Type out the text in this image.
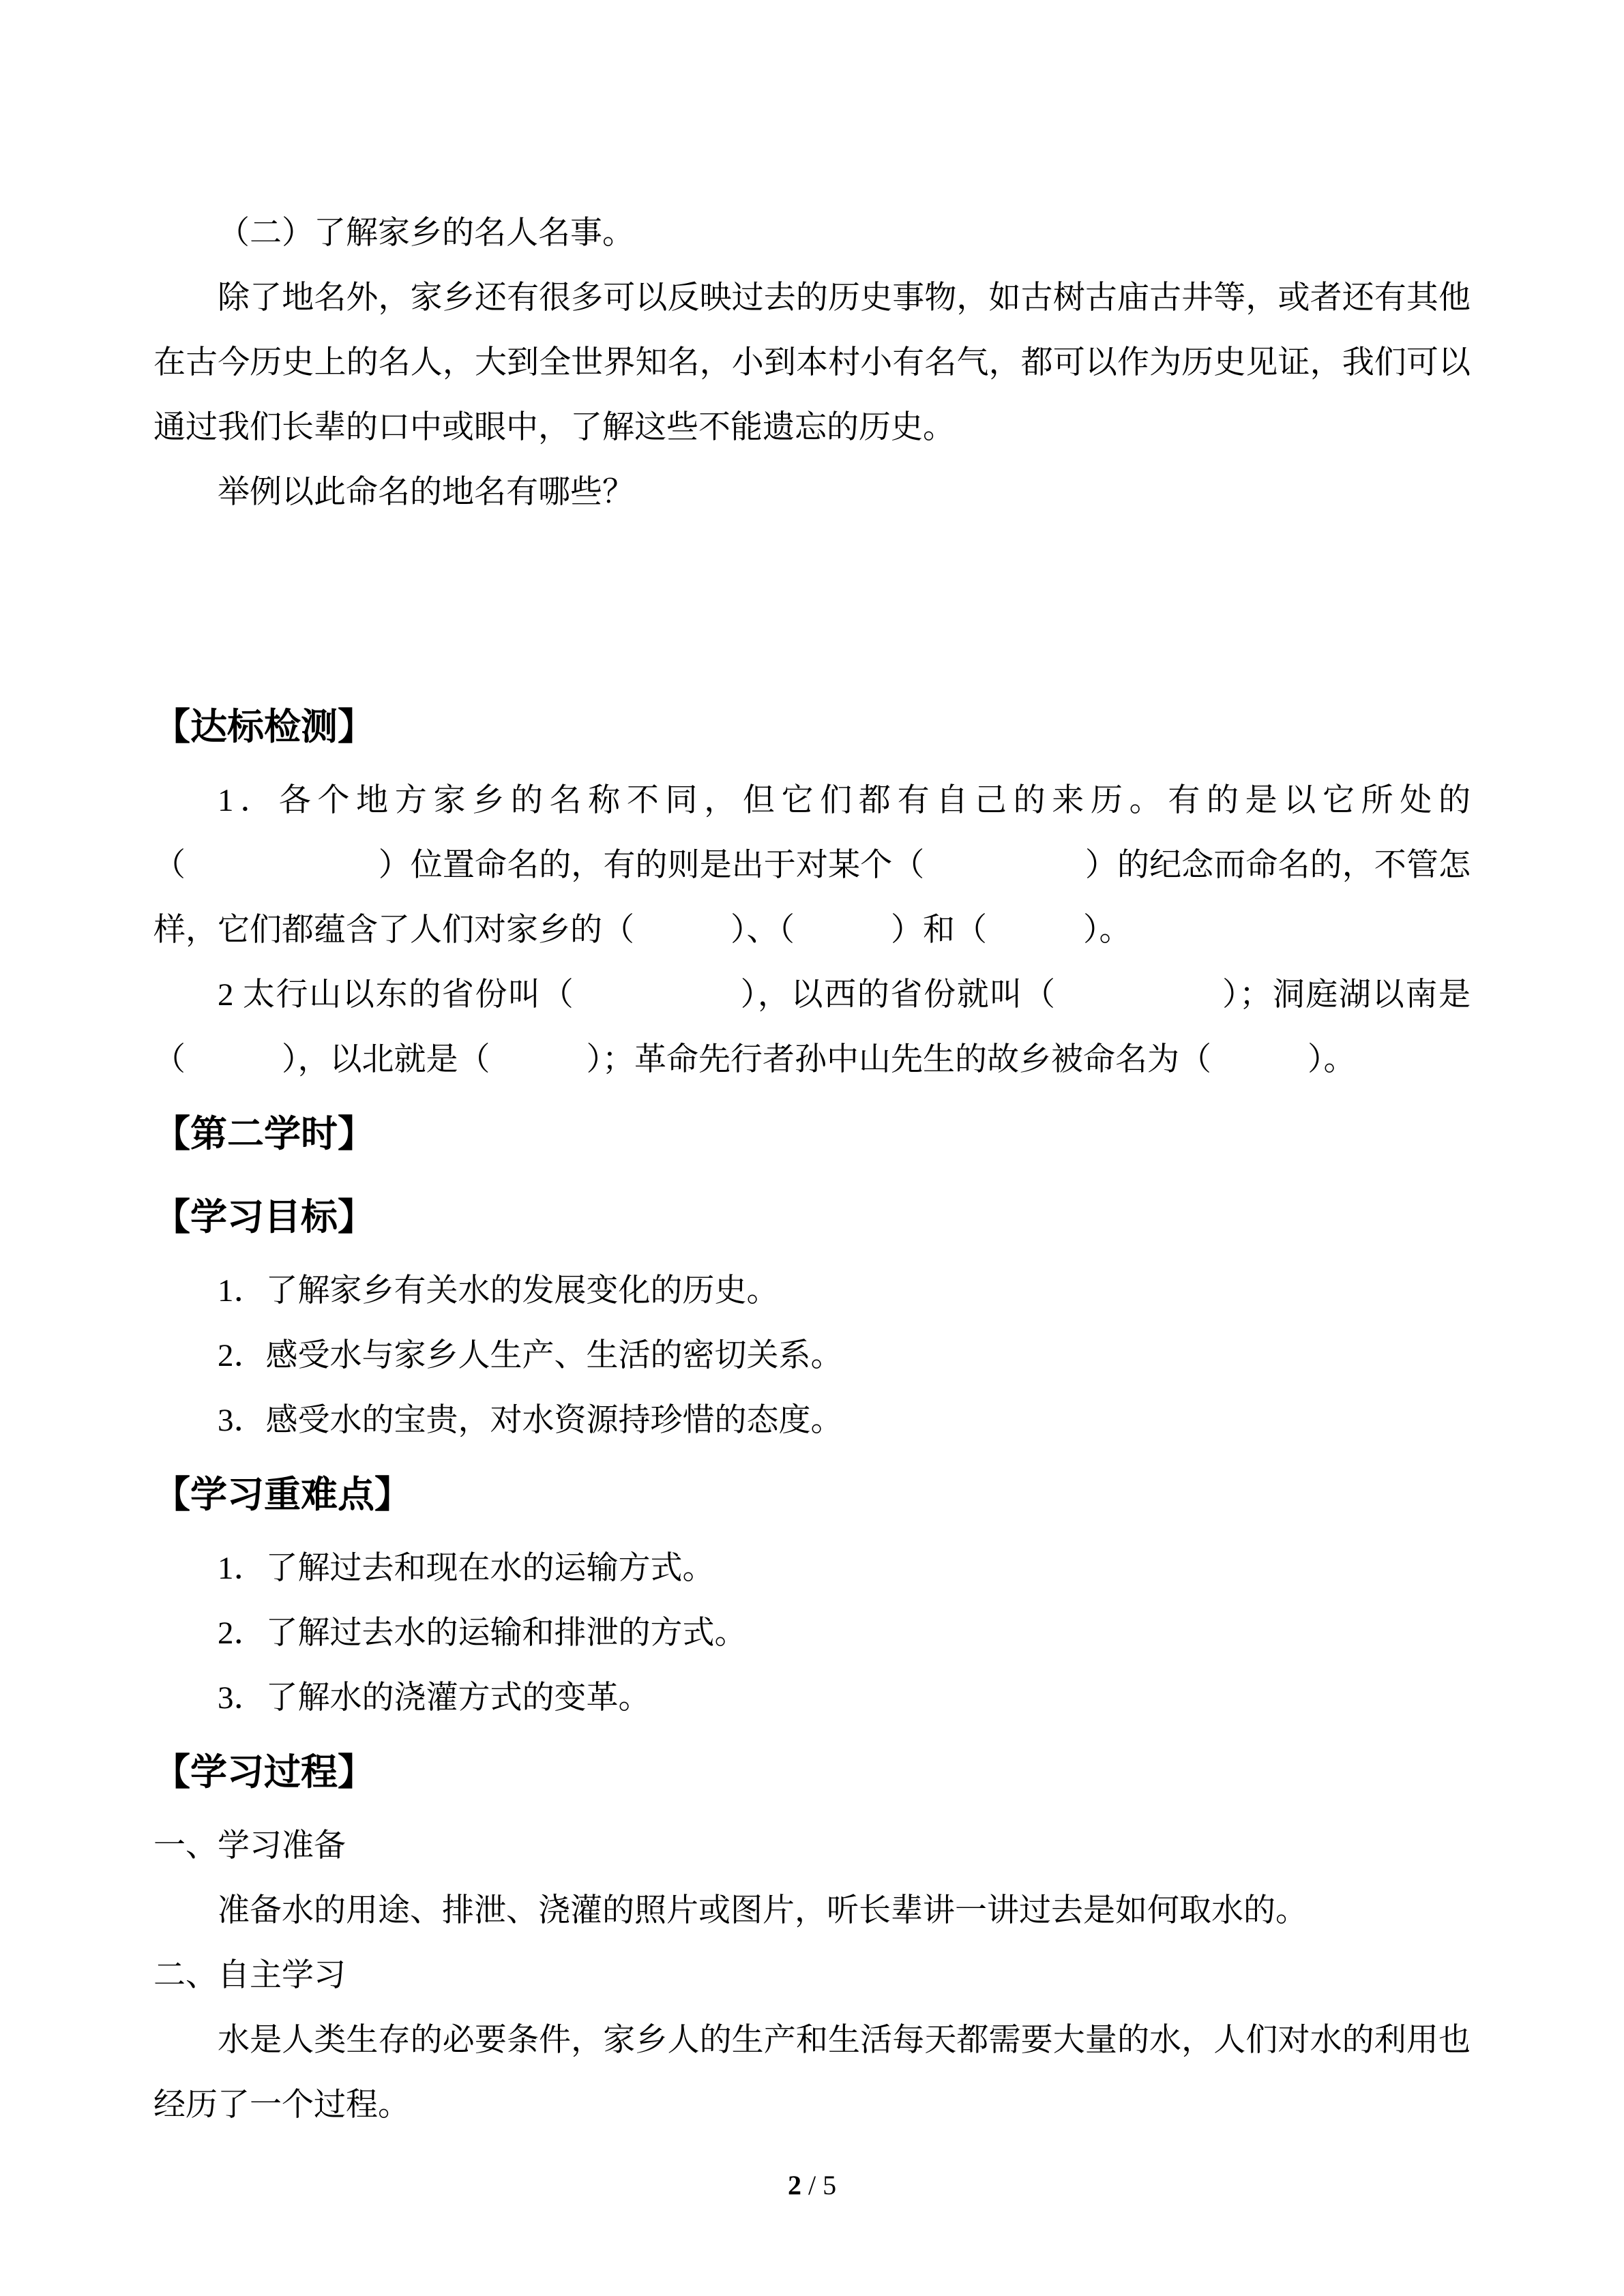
（二）了解家乡的名人名事。

除了地名外，家乡还有很多可以反映过去的历史事物，如古树古庙古井等，或者还有其他在古今历史上的名人，大到全世界知名，小到本村小有名气，都可以作为历史见证，我们可以通过我们长辈的口中或眼中，了解这些不能遗忘的历史。

举例以此命名的地名有哪些？

【达标检测】

1．各个地方家乡的名称不同，但它们都有自己的来历。有的是以它所处的（　　　　　　）位置命名的，有的则是出于对某个（　　　　　）的纪念而命名的，不管怎样，它们都蕴含了人们对家乡的（　　　）、（　　　）和（　　　）。

2 太行山以东的省份叫（　　　　　），以西的省份就叫（　　　　　）；洞庭湖以南是（　　　），以北就是（　　　）；革命先行者孙中山先生的故乡被命名为（　　　）。

【第二学时】
【学习目标】

1．了解家乡有关水的发展变化的历史。

2．感受水与家乡人生产、生活的密切关系。

3．感受水的宝贵，对水资源持珍惜的态度。

【学习重难点】

1．了解过去和现在水的运输方式。

2．了解过去水的运输和排泄的方式。

3．了解水的浇灌方式的变革。

【学习过程】

一、学习准备

准备水的用途、排泄、浇灌的照片或图片，听长辈讲一讲过去是如何取水的。

二、自主学习

水是人类生存的必要条件，家乡人的生产和生活每天都需要大量的水，人们对水的利用也经历了一个过程。

2 / 5
